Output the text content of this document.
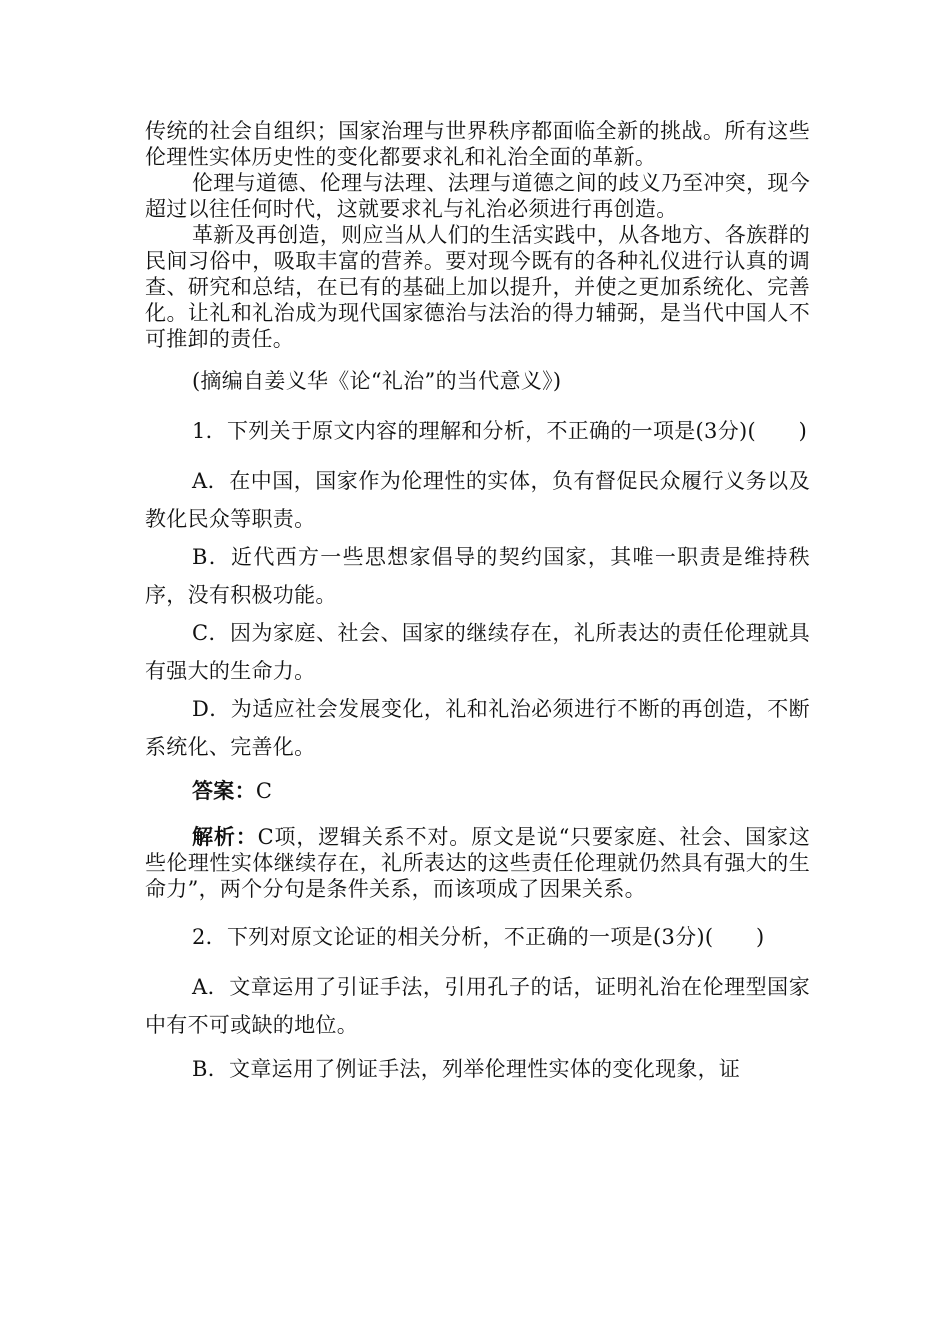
传统的社会自组织；国家治理与世界秩序都面临全新的挑战。所有这些伦理性实体历史性的变化都要求礼和礼治全面的革新。

伦理与道德、伦理与法理、法理与道德之间的歧义乃至冲突，现今超过以往任何时代，这就要求礼与礼治必须进行再创造。

革新及再创造，则应当从人们的生活实践中，从各地方、各族群的民间习俗中，吸取丰富的营养。要对现今既有的各种礼仪进行认真的调查、研究和总结，在已有的基础上加以提升，并使之更加系统化、完善化。让礼和礼治成为现代国家德治与法治的得力辅弼，是当代中国人不可推卸的责任。

(摘编自姜义华《论“礼治”的当代意义》)

1．下列关于原文内容的理解和分析，不正确的一项是(3分)(　　)

A．在中国，国家作为伦理性的实体，负有督促民众履行义务以及教化民众等职责。

B．近代西方一些思想家倡导的契约国家，其唯一职责是维持秩序，没有积极功能。

C．因为家庭、社会、国家的继续存在，礼所表达的责任伦理就具有强大的生命力。

D．为适应社会发展变化，礼和礼治必须进行不断的再创造，不断系统化、完善化。

答案：C

解析：C项，逻辑关系不对。原文是说“只要家庭、社会、国家这些伦理性实体继续存在，礼所表达的这些责任伦理就仍然具有强大的生命力”，两个分句是条件关系，而该项成了因果关系。

2．下列对原文论证的相关分析，不正确的一项是(3分)(　　)

A．文章运用了引证手法，引用孔子的话，证明礼治在伦理型国家中有不可或缺的地位。

B．文章运用了例证手法，列举伦理性实体的变化现象，证
